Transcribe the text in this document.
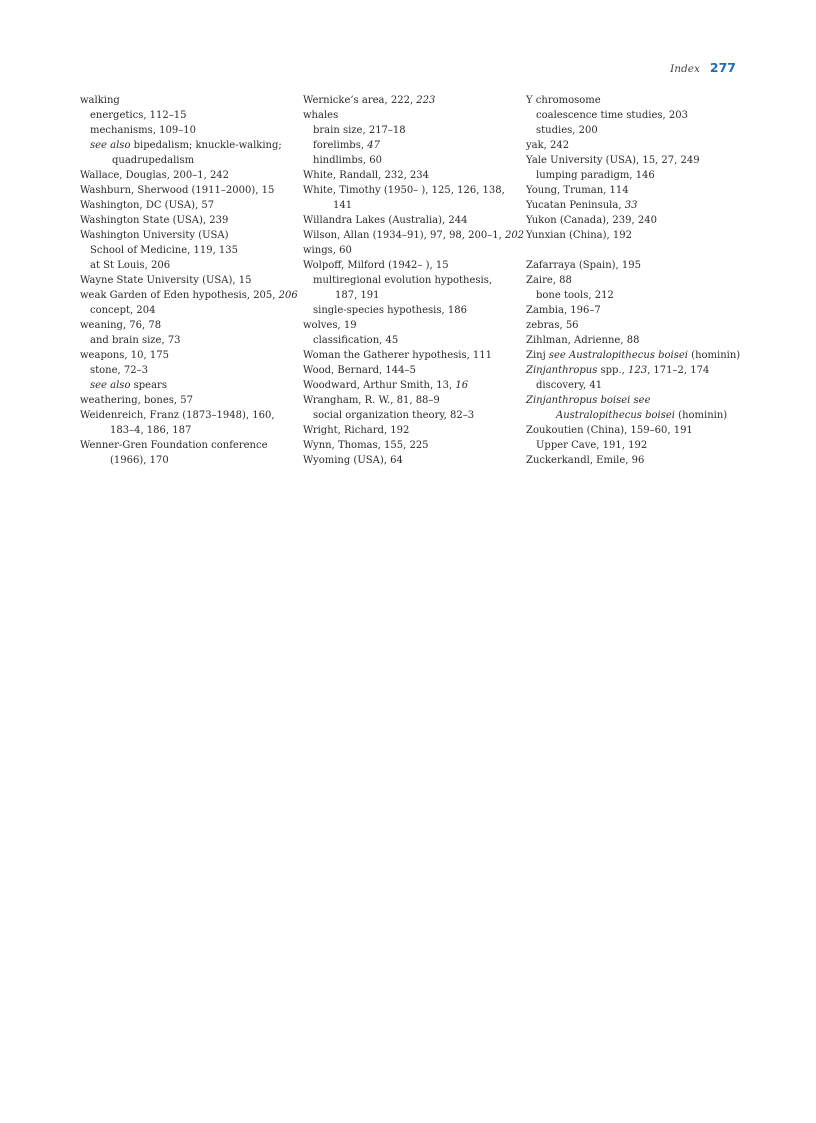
Index 277
walking
energetics, 112–15
mechanisms, 109–10
see also bipedalism; knuckle-walking; quadrupedalism
Wallace, Douglas, 200–1, 242
Washburn, Sherwood (1911–2000), 15
Washington, DC (USA), 57
Washington State (USA), 239
Washington University (USA)
School of Medicine, 119, 135
at St Louis, 206
Wayne State University (USA), 15
weak Garden of Eden hypothesis, 205, 206
concept, 204
weaning, 76, 78
and brain size, 73
weapons, 10, 175
stone, 72–3
see also spears
weathering, bones, 57
Weidenreich, Franz (1873–1948), 160, 183–4, 186, 187
Wenner-Gren Foundation conference (1966), 170
Wernicke’s area, 222, 223
whales
brain size, 217–18
forelimbs, 47
hindlimbs, 60
White, Randall, 232, 234
White, Timothy (1950– ), 125, 126, 138, 141
Willandra Lakes (Australia), 244
Wilson, Allan (1934–91), 97, 98, 200–1, 202
wings, 60
Wolpoff, Milford (1942– ), 15
multiregional evolution hypothesis, 187, 191
single-species hypothesis, 186
wolves, 19
classification, 45
Woman the Gatherer hypothesis, 111
Wood, Bernard, 144–5
Woodward, Arthur Smith, 13, 16
Wrangham, R. W., 81, 88–9
social organization theory, 82–3
Wright, Richard, 192
Wynn, Thomas, 155, 225
Wyoming (USA), 64
Y chromosome
coalescence time studies, 203
studies, 200
yak, 242
Yale University (USA), 15, 27, 249
lumping paradigm, 146
Young, Truman, 114
Yucatan Peninsula, 33
Yukon (Canada), 239, 240
Yunxian (China), 192
Zafarraya (Spain), 195
Zaire, 88
bone tools, 212
Zambia, 196–7
zebras, 56
Zihlman, Adrienne, 88
Zinj see Australopithecus boisei (hominin)
Zinjanthropus spp., 123, 171–2, 174
discovery, 41
Zinjanthropus boisei see Australopithecus boisei (hominin)
Zoukoutien (China), 159–60, 191
Upper Cave, 191, 192
Zuckerkandl, Emile, 96
